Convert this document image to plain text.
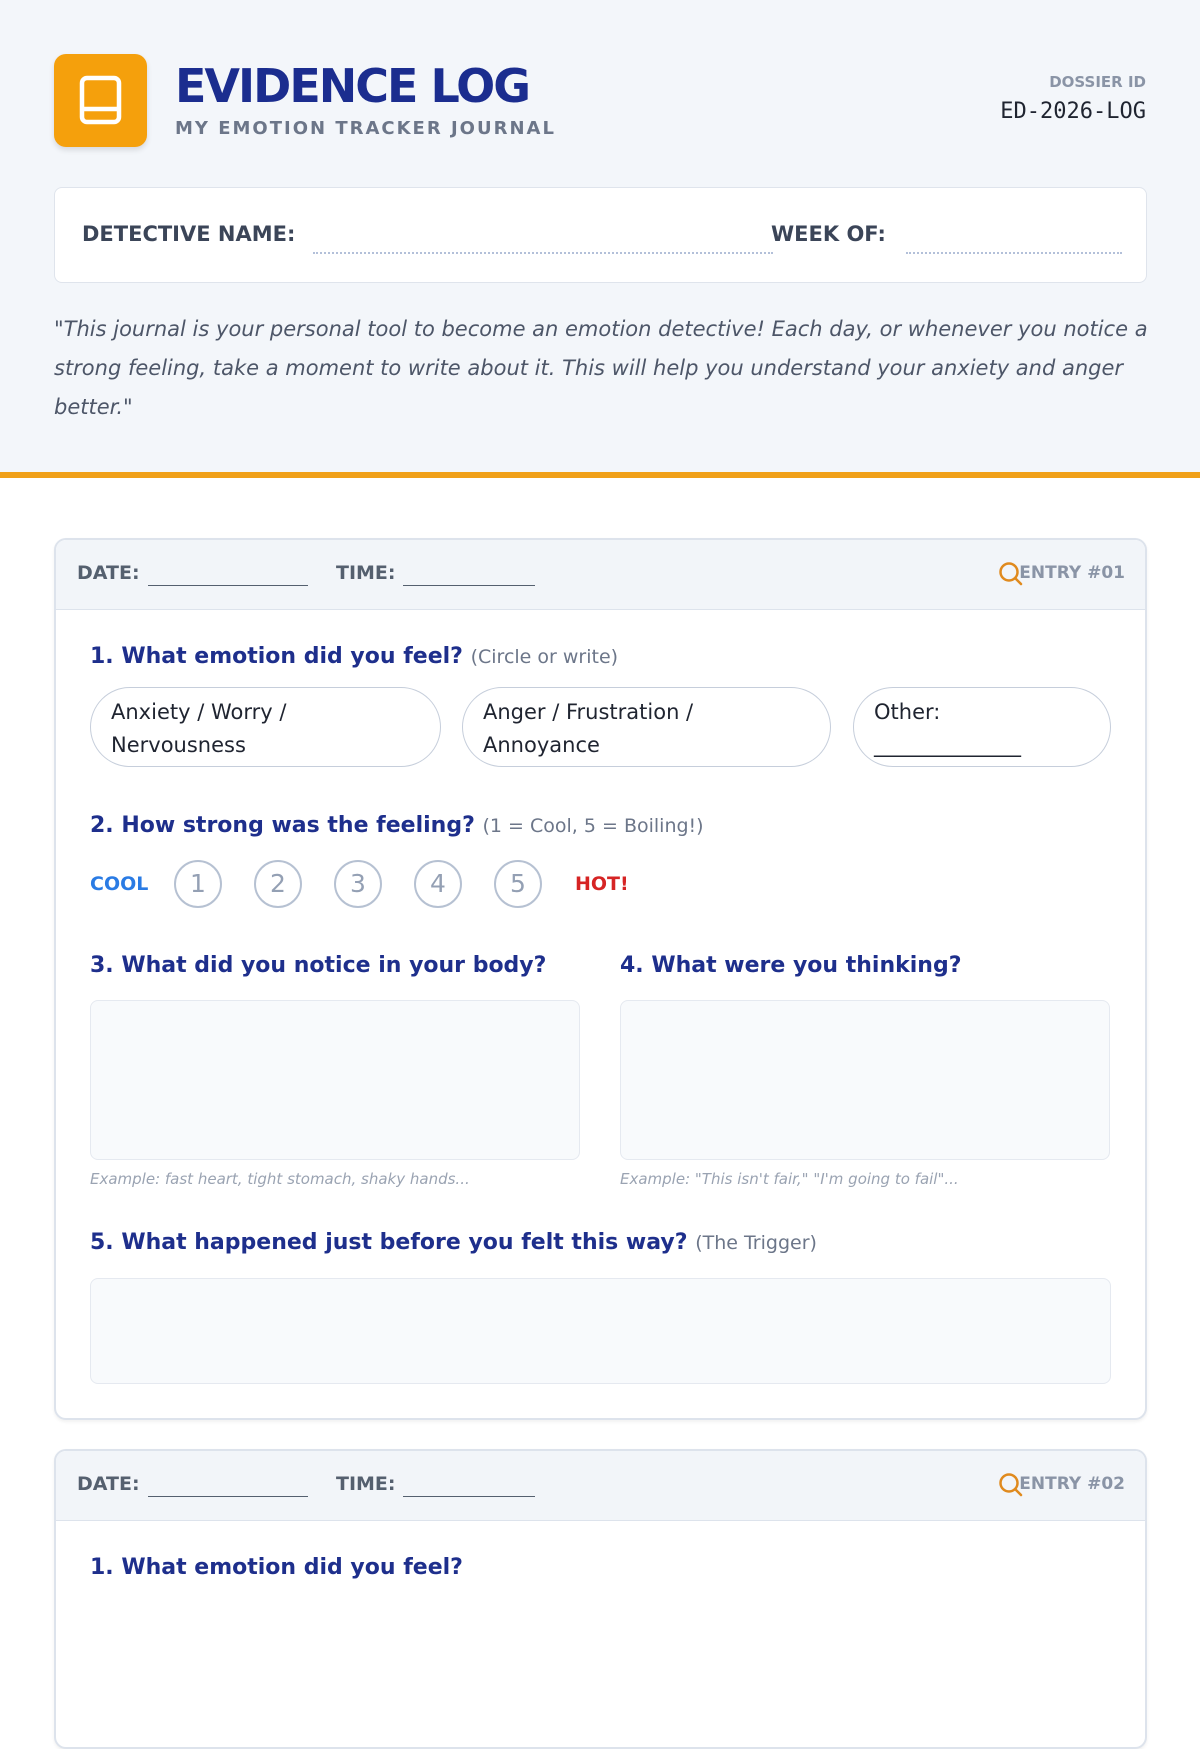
EVIDENCE LOG
MY EMOTION TRACKER JOURNAL
DOSSIER ID
ED-2026-LOG
DETECTIVE NAME:	WEEK OF:
"This journal is your personal tool to become an emotion detective! Each day, or whenever you notice a strong feeling, take a moment to write about it. This will help you understand your anxiety and anger better."
DATE:	TIME:	ENTRY #01
1. What emotion did you feel? (Circle or write)
Anxiety / Worry / Nervousness
Anger / Frustration / Annoyance
Other: ______________
2. How strong was the feeling? (1 = Cool, 5 = Boiling!)
COOL	1	2	3	4	5	HOT!
3. What did you notice in your body?
Example: fast heart, tight stomach, shaky hands...
4. What were you thinking?
Example: "This isn't fair," "I'm going to fail"...
5. What happened just before you felt this way? (The Trigger)
DATE:	TIME:	ENTRY #02
1. What emotion did you feel?
